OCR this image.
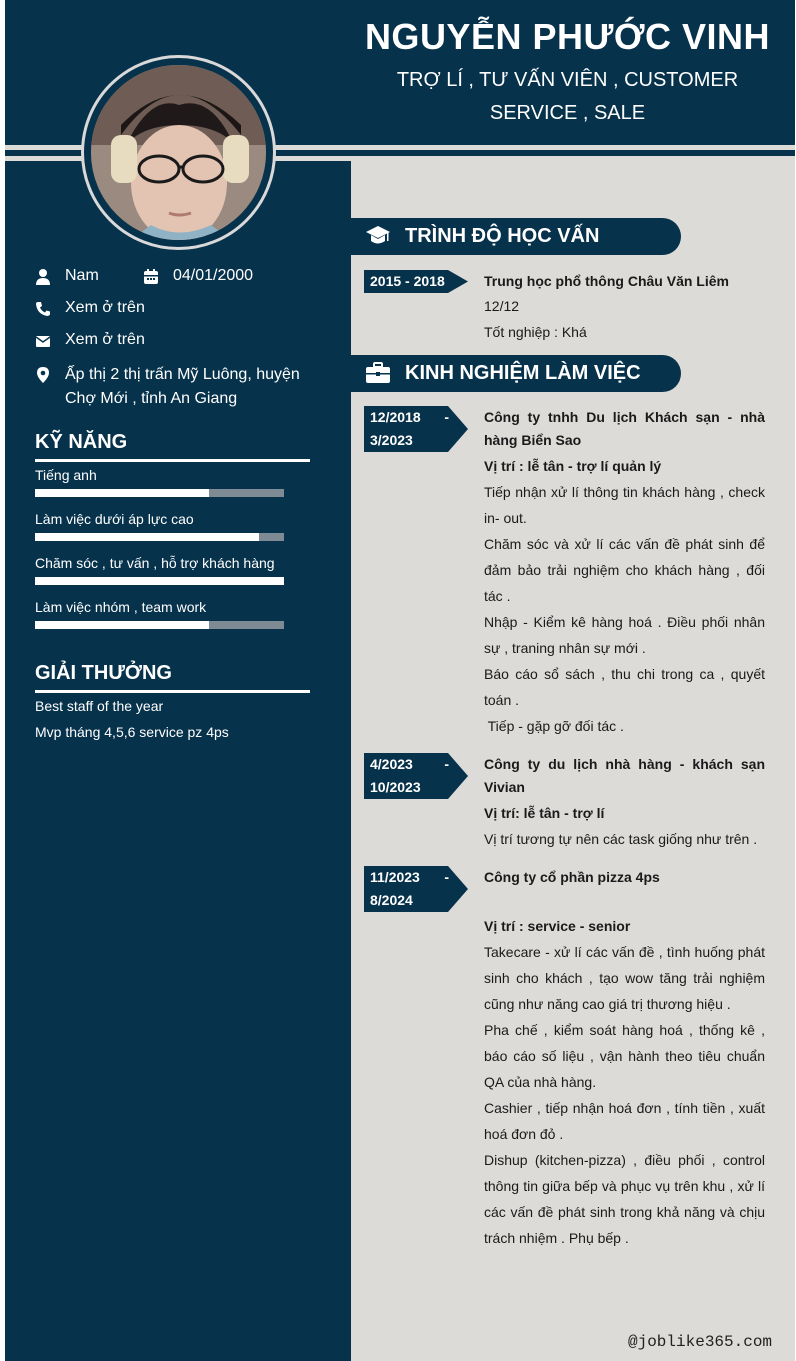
NGUYỄN PHƯỚC VINH
TRỢ LÍ , TƯ VẤN VIÊN , CUSTOMER SERVICE , SALE
Nam	04/01/2000
Xem ở trên
Xem ở trên
Ấp thị 2 thị trấn Mỹ Luông, huyện Chợ Mới , tỉnh An Giang
KỸ NĂNG
Tiếng anh
Làm việc dưới áp lực cao
Chăm sóc , tư vấn , hỗ trợ khách hàng
Làm việc nhóm , team work
GIẢI THƯỞNG
Best staff of the year
Mvp tháng 4,5,6 service pz 4ps
TRÌNH ĐỘ HỌC VẤN
2015 - 2018	Trung học phổ thông Châu Văn Liêm
12/12
Tốt nghiệp : Khá
KINH NGHIỆM LÀM VIỆC
12/2018 -
3/2023
Công ty tnhh Du lịch Khách sạn - nhà hàng Biển Sao
Vị trí : lễ tân - trợ lí quản lý
Tiếp nhận xử lí thông tin khách hàng , check in- out.
Chăm sóc và xử lí các vấn đề phát sinh để đảm bảo trải nghiệm cho khách hàng , đối tác .
Nhập - Kiểm kê hàng hoá . Điều phối nhân sự , traning nhân sự mới .
Báo cáo sổ sách , thu chi trong ca , quyết toán .
Tiếp - gặp gỡ đối tác .
4/2023 -
10/2023
Công ty du lịch nhà hàng - khách sạn Vivian
Vị trí: lễ tân - trợ lí
Vị trí tương tự nên các task giống như trên .
11/2023 -
8/2024
Công ty cổ phần pizza 4ps
Vị trí : service - senior
Takecare - xử lí các vấn đề , tình huống phát sinh cho khách , tạo wow tăng trải nghiệm cũng như năng cao giá trị thương hiệu .
Pha chế , kiểm soát hàng hoá , thống kê , báo cáo số liệu , vận hành theo tiêu chuẩn QA của nhà hàng.
Cashier , tiếp nhận hoá đơn , tính tiền , xuất hoá đơn đỏ .
Dishup (kitchen-pizza) , điều phối , control thông tin giữa bếp và phục vụ trên khu , xử lí các vấn đề phát sinh trong khả năng và chịu trách nhiệm . Phụ bếp .
@joblike365.com
